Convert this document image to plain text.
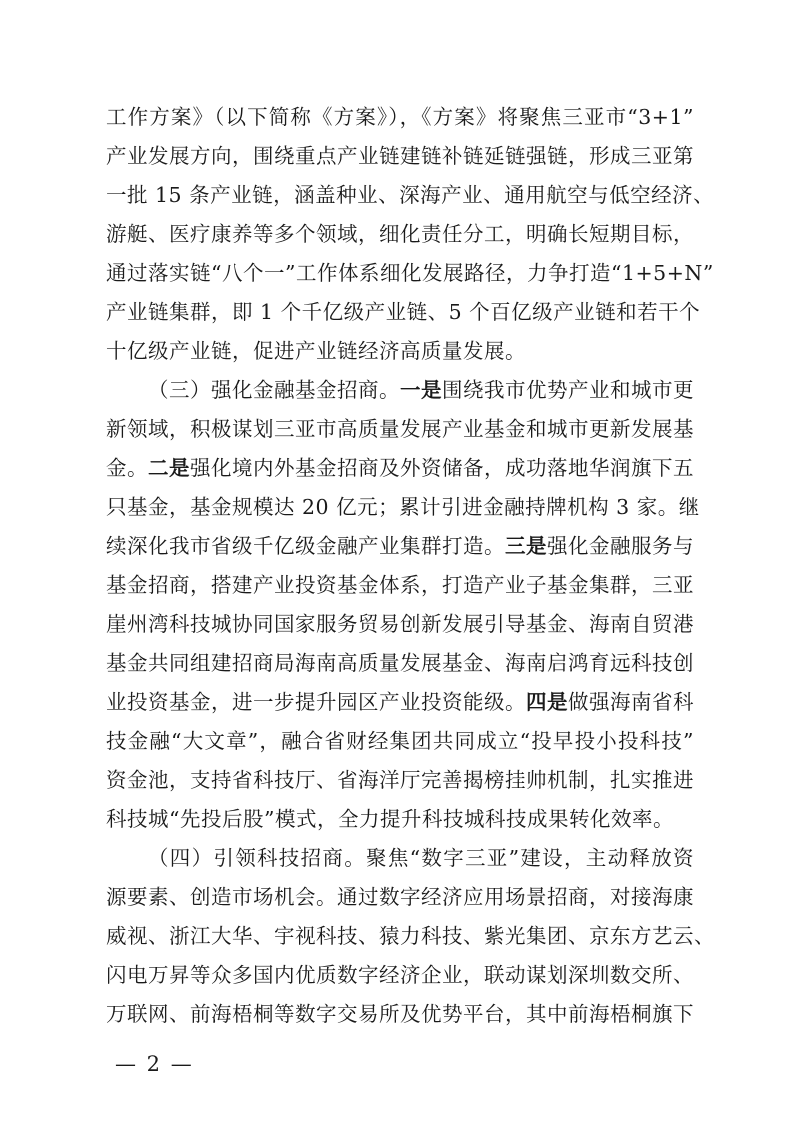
工作方案》（以下简称《方案》），《方案》将聚焦三亚市“3+1”
产业发展方向，围绕重点产业链建链补链延链强链，形成三亚第
一批 15 条产业链，涵盖种业、深海产业、通用航空与低空经济、
游艇、医疗康养等多个领域，细化责任分工，明确长短期目标，
通过落实链“八个一”工作体系细化发展路径，力争打造“1+5+N”
产业链集群，即 1 个千亿级产业链、5 个百亿级产业链和若干个
十亿级产业链，促进产业链经济高质量发展。
（三）强化金融基金招商。一是围绕我市优势产业和城市更
新领域，积极谋划三亚市高质量发展产业基金和城市更新发展基
金。二是强化境内外基金招商及外资储备，成功落地华润旗下五
只基金，基金规模达 20 亿元；累计引进金融持牌机构 3 家。继
续深化我市省级千亿级金融产业集群打造。三是强化金融服务与
基金招商，搭建产业投资基金体系，打造产业子基金集群，三亚
崖州湾科技城协同国家服务贸易创新发展引导基金、海南自贸港
基金共同组建招商局海南高质量发展基金、海南启鸿育远科技创
业投资基金，进一步提升园区产业投资能级。四是做强海南省科
技金融“大文章”，融合省财经集团共同成立“投早投小投科技”
资金池，支持省科技厅、省海洋厅完善揭榜挂帅机制，扎实推进
科技城“先投后股”模式，全力提升科技城科技成果转化效率。
（四）引领科技招商。聚焦“数字三亚”建设，主动释放资
源要素、创造市场机会。通过数字经济应用场景招商，对接海康
威视、浙江大华、宇视科技、猿力科技、紫光集团、京东方艺云、
闪电万昇等众多国内优质数字经济企业，联动谋划深圳数交所、
万联网、前海梧桐等数字交易所及优势平台，其中前海梧桐旗下
— 2 —
